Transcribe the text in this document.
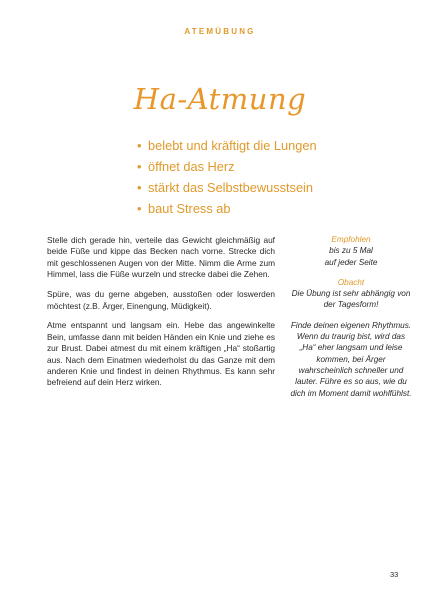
ATEMÜBUNG
Ha-Atmung
• belebt und kräftigt die Lungen
• öffnet das Herz
• stärkt das Selbstbewusstsein
• baut Stress ab

Stelle dich gerade hin, verteile das Gewicht gleichmäßig auf beide Füße und kippe das Becken nach vorne. Strecke dich mit geschlossenen Augen von der Mitte. Nimm die Arme zum Himmel, lass die Füße wurzeln und strecke dabei die Zehen.

Spüre, was du gerne abgeben, ausstoßen oder loswerden möchtest (z.B. Ärger, Einengung, Müdigkeit).

Atme entspannt und langsam ein. Hebe das angewinkelte Bein, umfasse dann mit beiden Händen ein Knie und ziehe es zur Brust. Dabei atmest du mit einem kräftigen „Ha“ stoßartig aus. Nach dem Einatmen wiederholst du das Ganze mit dem anderen Knie und findest in deinen Rhythmus. Es kann sehr befreiend auf dein Herz wirken.

Empfohlen
bis zu 5 Mal
auf jeder Seite
Obacht
Die Übung ist sehr abhängig von der Tagesform!
Finde deinen eigenen Rhythmus. Wenn du traurig bist, wird das „Ha“ eher langsam und leise kommen, bei Ärger wahrscheinlich schneller und lauter. Führe es so aus, wie du dich im Moment damit wohlfühlst.
33
